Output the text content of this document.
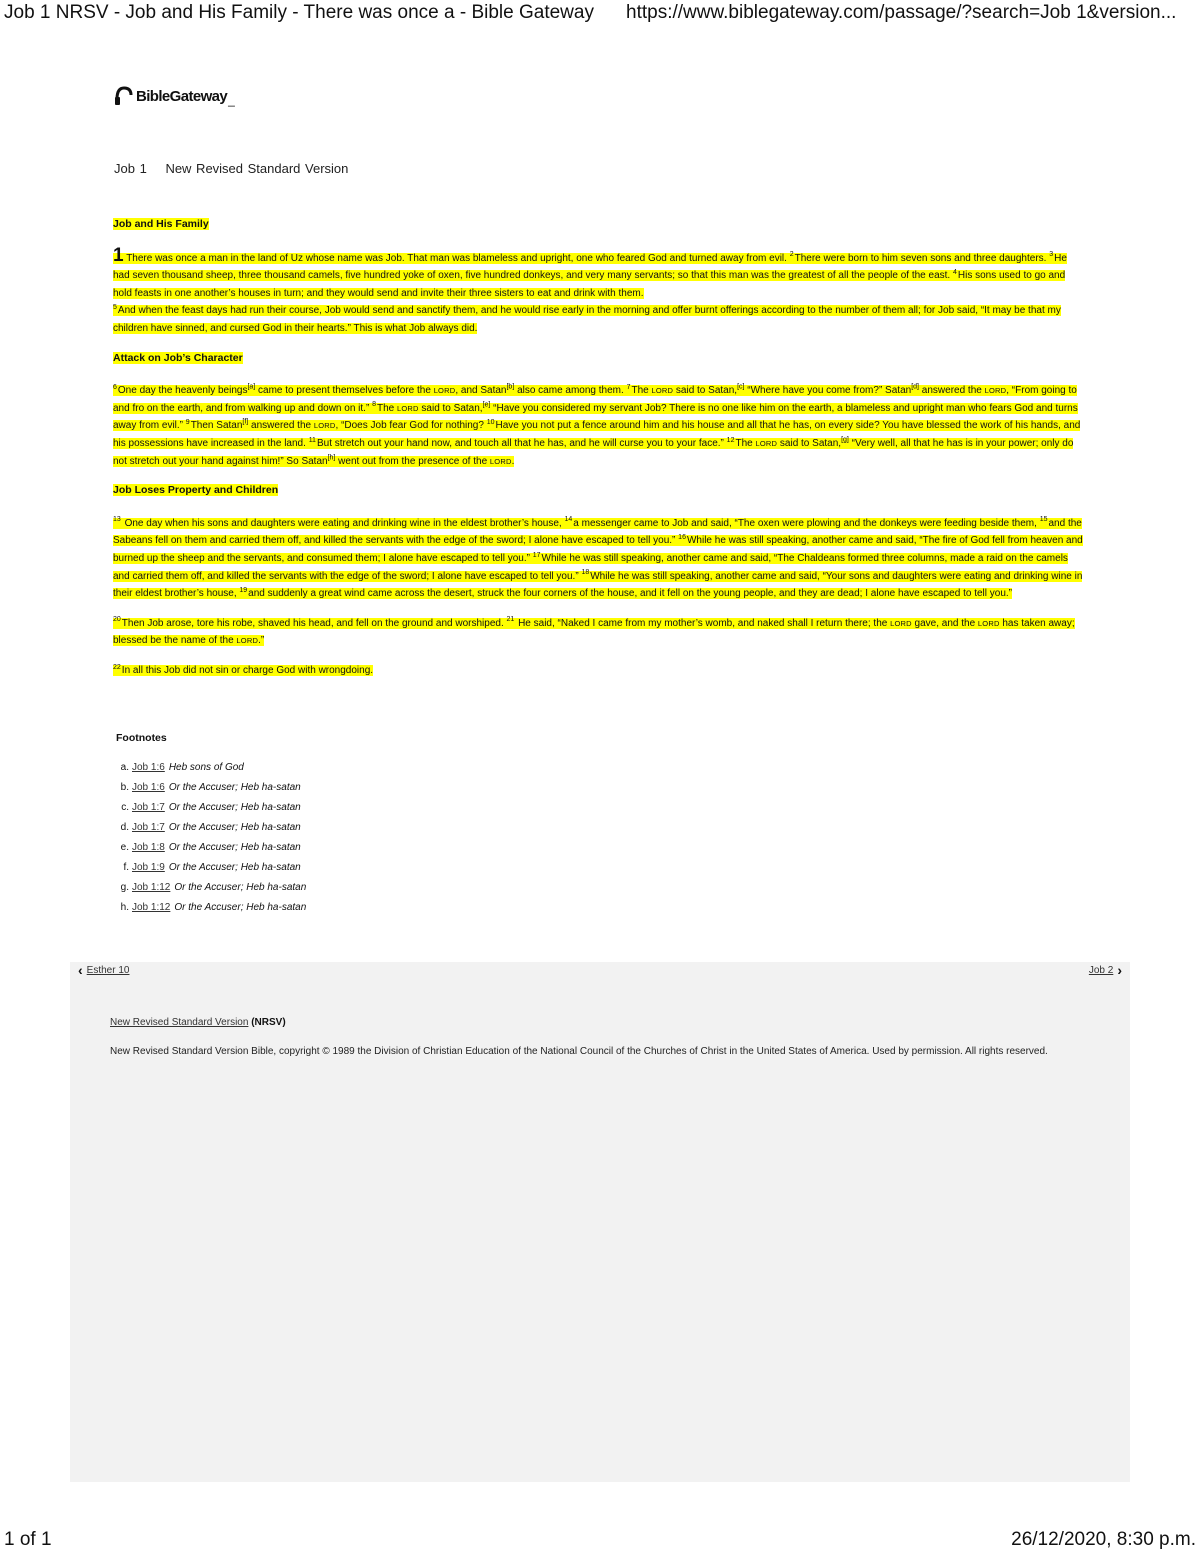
Job 1 NRSV - Job and His Family - There was once a - Bible Gateway https://www.biblegateway.com/passage/?search=Job 1&version...
BibleGateway _
Job 1 New Revised Standard Version

Job and His Family

1 There was once a man in the land of Uz whose name was Job. That man was blameless and upright, one who feared God and turned away from evil. $^2$There were born to him seven sons and three daughters. $^3$He had seven thousand sheep, three thousand camels, five hundred yoke of oxen, five hundred donkeys, and very many servants; so that this man was the greatest of all the people of the east. $^4$His sons used to go and hold feasts in one another’s houses in turn; and they would send and invite their three sisters to eat and drink with them.
$^5$And when the feast days had run their course, Job would send and sanctify them, and he would rise early in the morning and offer burnt offerings according to the number of them all; for Job said, “It may be that my children have sinned, and cursed God in their hearts.” This is what Job always did.

Attack on Job’s Character

$^6$One day the heavenly beings[a] came to present themselves before the LORD, and Satan[b] also came among them. $^7$The LORD said to Satan,[c] “Where have you come from?” Satan[d] answered the LORD, “From going to and fro on the earth, and from walking up and down on it.” $^8$The LORD said to Satan,[e] “Have you considered my servant Job? There is no one like him on the earth, a blameless and upright man who fears God and turns away from evil.” $^9$Then Satan[f] answered the LORD, “Does Job fear God for nothing? $^{10}$Have you not put a fence around him and his house and all that he has, on every side? You have blessed the work of his hands, and his possessions have increased in the land. $^{11}$But stretch out your hand now, and touch all that he has, and he will curse you to your face.” $^{12}$The LORD said to Satan,[g] “Very well, all that he has is in your power; only do not stretch out your hand against him!” So Satan[h] went out from the presence of the LORD.

Job Loses Property and Children

$^{13}$ One day when his sons and daughters were eating and drinking wine in the eldest brother’s house, $^{14}$a messenger came to Job and said, “The oxen were plowing and the donkeys were feeding beside them, $^{15}$and the Sabeans fell on them and carried them off, and killed the servants with the edge of the sword; I alone have escaped to tell you.” $^{16}$While he was still speaking, another came and said, “The fire of God fell from heaven and burned up the sheep and the servants, and consumed them; I alone have escaped to tell you.” $^{17}$While he was still speaking, another came and said, “The Chaldeans formed three columns, made a raid on the camels and carried them off, and killed the servants with the edge of the sword; I alone have escaped to tell you.” $^{18}$While he was still speaking, another came and said, “Your sons and daughters were eating and drinking wine in their eldest brother’s house, $^{19}$and suddenly a great wind came across the desert, struck the four corners of the house, and it fell on the young people, and they are dead; I alone have escaped to tell you.”

$^{20}$Then Job arose, tore his robe, shaved his head, and fell on the ground and worshiped. $^{21}$ He said, “Naked I came from my mother’s womb, and naked shall I return there; the LORD gave, and the LORD has taken away; blessed be the name of the LORD.”

$^{22}$In all this Job did not sin or charge God with wrongdoing.

Footnotes
a. Job 1:6 Heb sons of God
b. Job 1:6 Or the Accuser; Heb ha-satan
c. Job 1:7 Or the Accuser; Heb ha-satan
d. Job 1:7 Or the Accuser; Heb ha-satan
e. Job 1:8 Or the Accuser; Heb ha-satan
f. Job 1:9 Or the Accuser; Heb ha-satan
g. Job 1:12 Or the Accuser; Heb ha-satan
h. Job 1:12 Or the Accuser; Heb ha-satan
‹ Esther 10	Job 2 ›
New Revised Standard Version (NRSV)
New Revised Standard Version Bible, copyright © 1989 the Division of Christian Education of the National Council of the Churches of Christ in the United States of America. Used by permission. All rights reserved.
1 of 1	26/12/2020, 8:30 p.m.
